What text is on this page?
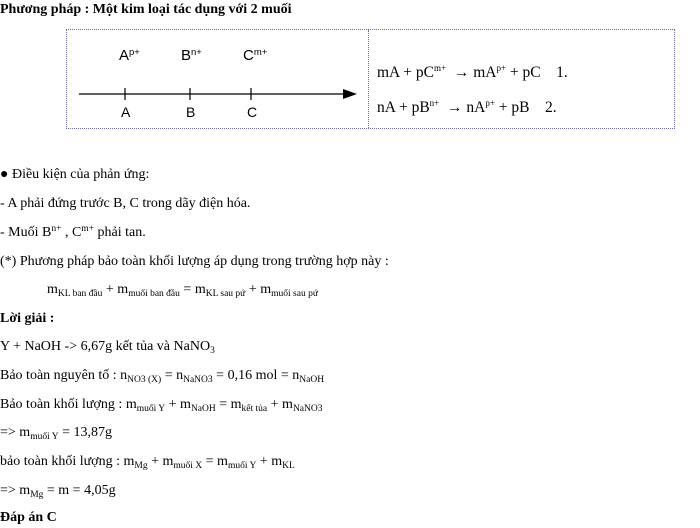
Phương pháp : Một kim loại tác dụng với 2 muối
$A^{p+}$	$B^{n+}$	$C^{m+}$
A	B	C
mA + $pC^{m+} \to mA^{p+}$ + pC 1.
nA + $pB^{n+} \to nA^{p+}$ + pB 2.
● Điều kiện của phản ứng:
- A phải đứng trước B, C trong dãy điện hóa.
- Muối $B^{n+}$ , $C^{m+}$ phải tan.
(*) Phương pháp bảo toàn khối lượng áp dụng trong trường hợp này :
$m_{KL ban đầu} + m_{muối ban đầu} = m_{KL sau pứ} + m_{muối sau pứ}$
Lời giải :
Y + NaOH -> 6,67g kết tủa và NaNO$_3$
Bảo toàn nguyên tố : $n_{NO3 (X)} = n_{NaNO3} = 0,16$ mol = $n_{NaOH}$
Bảo toàn khối lượng : $m_{muối Y} + m_{NaOH} = m_{kết tủa} + m_{NaNO3}$
=> $m_{muối Y} = 13,87g$
bảo toàn khối lượng : $m_{Mg} + m_{muối X} = m_{muối Y} + m_{KL}$
=> $m_{Mg} = m = 4,05g$
Đáp án C
